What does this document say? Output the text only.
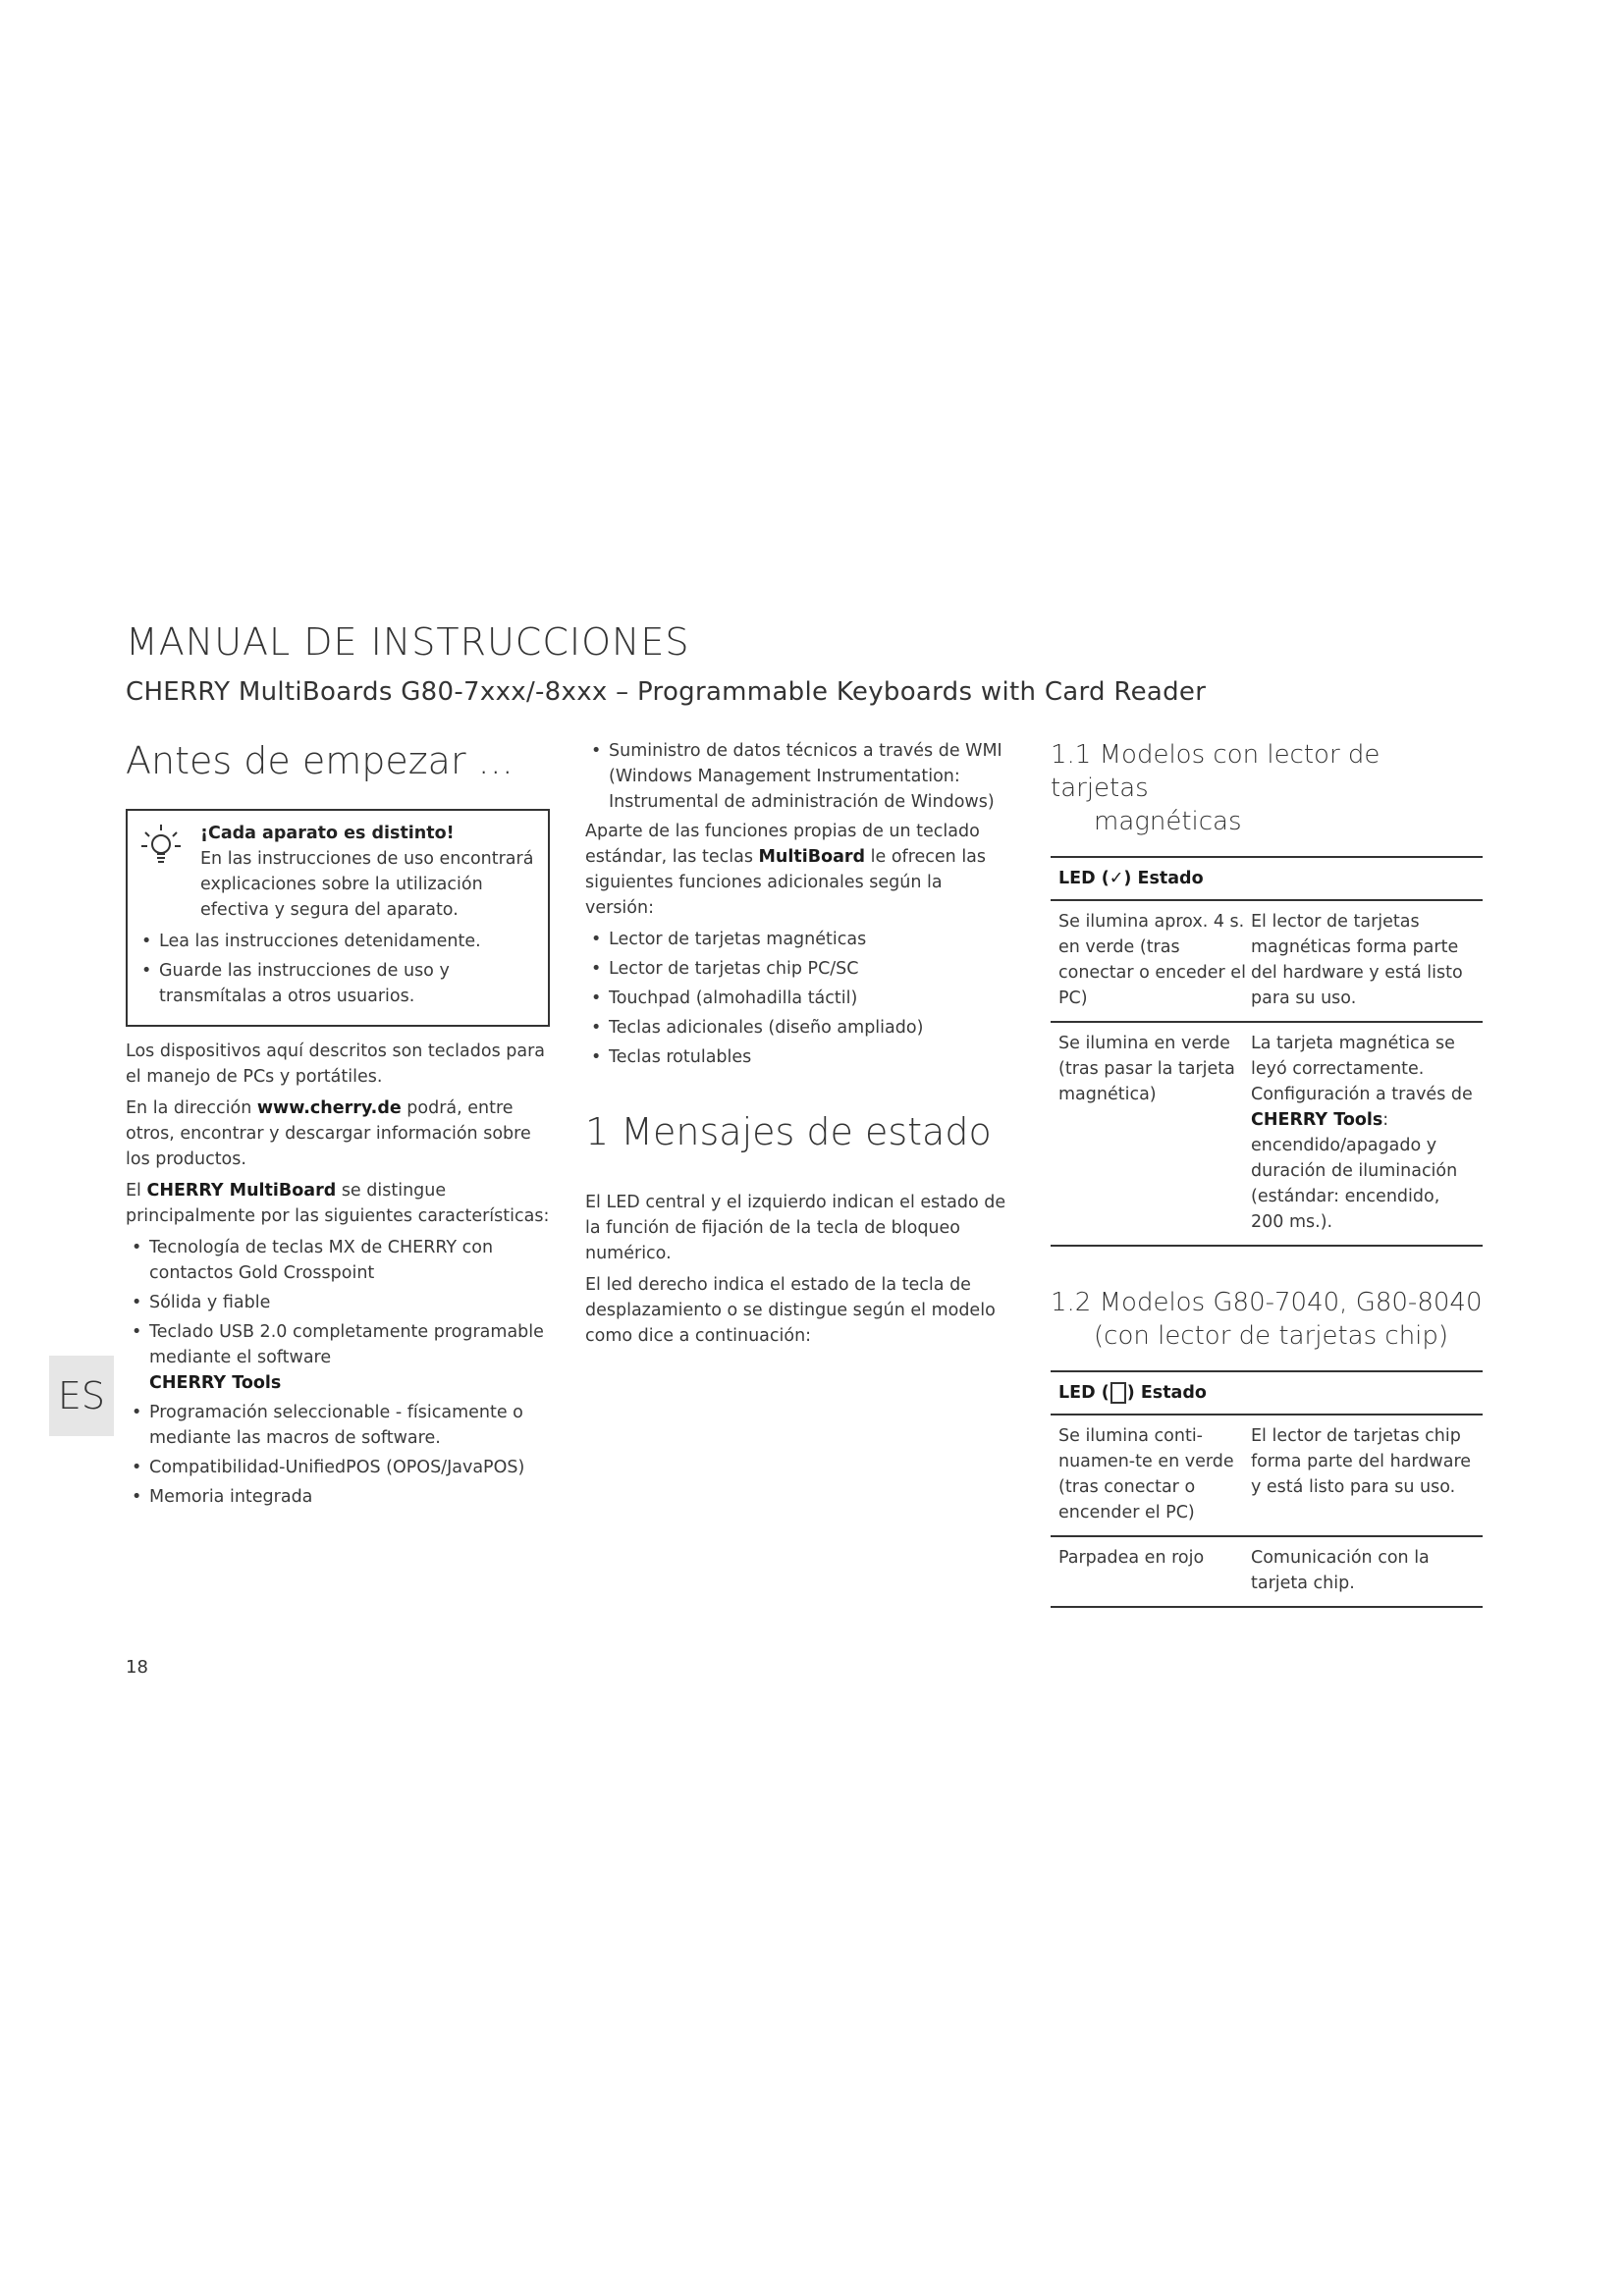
MANUAL DE INSTRUCCIONES
CHERRY MultiBoards G80-7xxx/-8xxx – Programmable Keyboards with Card Reader
Antes de empezar ...
¡Cada aparato es distinto!
En las instrucciones de uso encontrará explicaciones sobre la utilización efectiva y segura del aparato.
• Lea las instrucciones detenidamente.
• Guarde las instrucciones de uso y transmítalas a otros usuarios.

Los dispositivos aquí descritos son teclados para el manejo de PCs y portátiles.

En la dirección www.cherry.de podrá, entre otros, encontrar y descargar información sobre los productos.

El CHERRY MultiBoard se distingue principalmente por las siguientes características:

• Tecnología de teclas MX de CHERRY con contactos Gold Crosspoint
• Sólida y fiable
• Teclado USB 2.0 completamente programable mediante el software
CHERRY Tools
• Programación seleccionable - físicamente o mediante las macros de software.
• Compatibilidad-UnifiedPOS (OPOS/JavaPOS)
• Memoria integrada
• Suministro de datos técnicos a través de WMI (Windows Management Instrumentation: Instrumental de administración de Windows)

Aparte de las funciones propias de un teclado estándar, las teclas MultiBoard le ofrecen las siguientes funciones adicionales según la versión:

• Lector de tarjetas magnéticas
• Lector de tarjetas chip PC/SC
• Touchpad (almohadilla táctil)
• Teclas adicionales (diseño ampliado)
• Teclas rotulables
1 Mensajes de estado

El LED central y el izquierdo indican el estado de la función de fijación de la tecla de bloqueo numérico.

El led derecho indica el estado de la tecla de desplazamiento o se distingue según el modelo como dice a continuación:

1.1 Modelos con lector de tarjetas
magnéticas
LED (✓) Estado
Se ilumina aprox. 4 s. en verde (tras conectar o enceder el PC)
El lector de tarjetas magnéticas forma parte del hardware y está listo para su uso.
Se ilumina en verde (tras pasar la tarjeta magnética)
La tarjeta magnética se leyó correctamente. Configuración a través de CHERRY Tools: encendido/apagado y duración de iluminación (estándar: encendido, 200 ms.).
1.2 Modelos G80-7040, G80-8040
(con lector de tarjetas chip)
LED ( ) Estado
Se ilumina conti-nuamen-te en verde (tras conectar o encender el PC)
El lector de tarjetas chip forma parte del hardware y está listo para su uso.
Parpadea en rojo	Comunicación con la tarjeta chip.
ES
18
